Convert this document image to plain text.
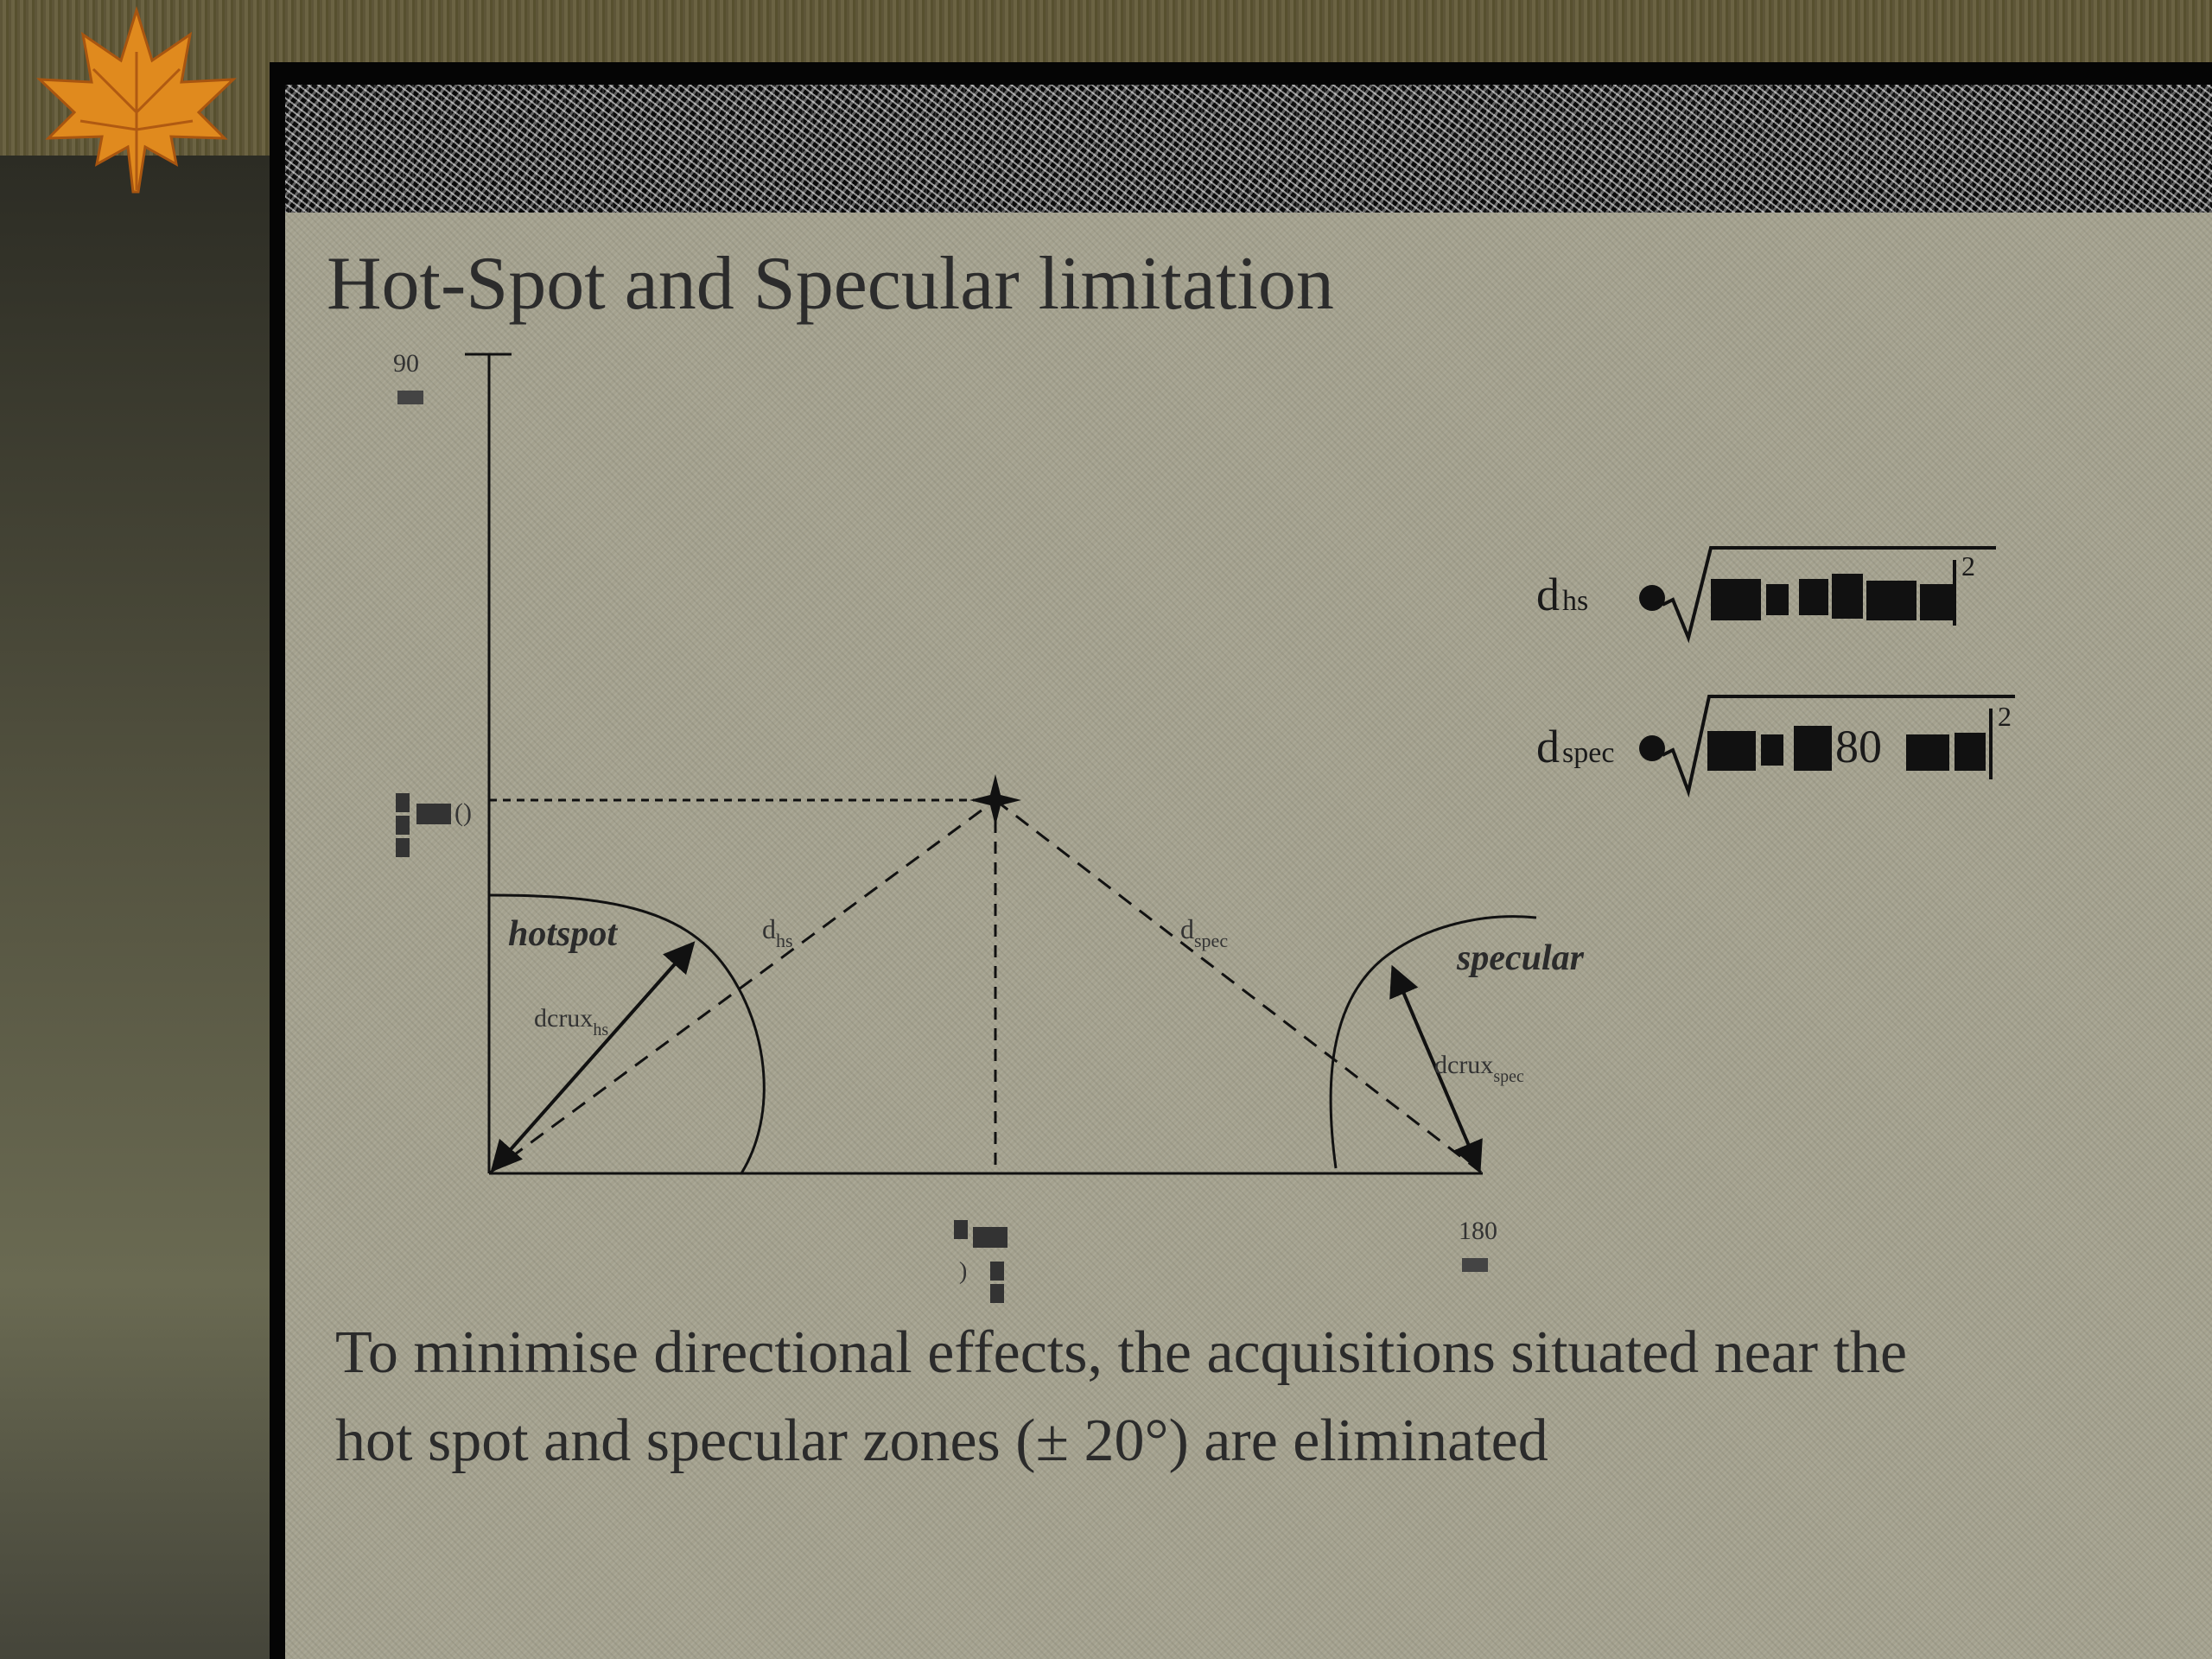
Hot-Spot and Specular limitation
90
180
()
)
hotspot
specular
$d_{hs}$	$d_{spec}$
dcrux$_{hs}$
dcrux$_{spec}$
d hs
2
d spec	80
2
To minimise directional effects, the acquisitions situated near the hot spot and specular zones (± 20°) are eliminated
